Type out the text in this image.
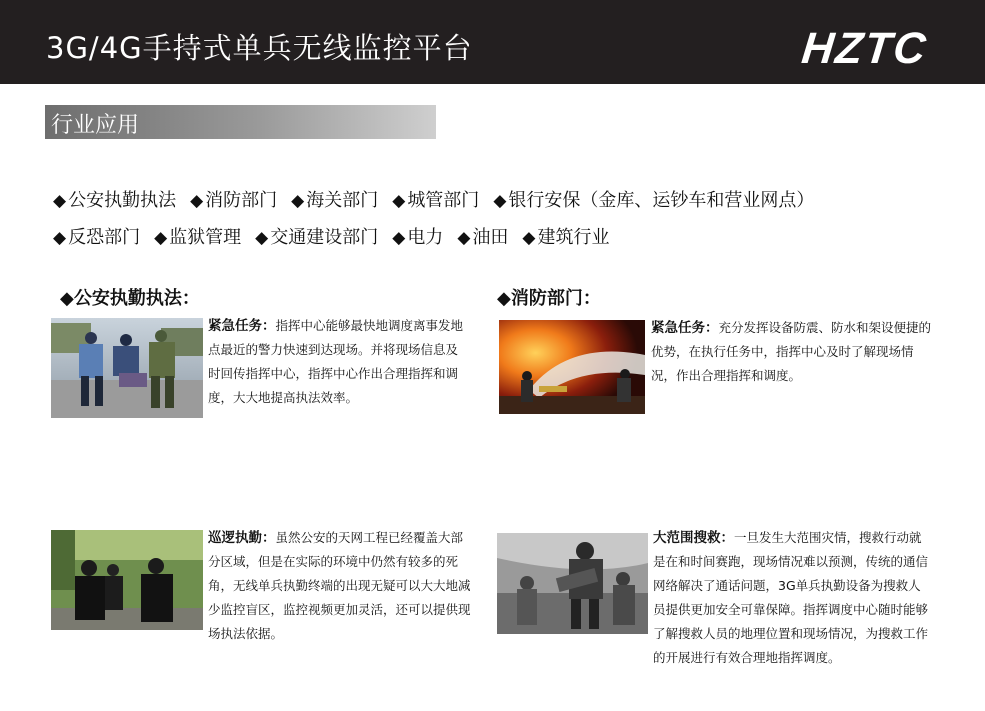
3G/4G手持式单兵无线监控平台	HZTC
行业应用
◆ 公安执勤执法 ◆ 消防部门 ◆ 海关部门 ◆ 城管部门 ◆ 银行安保（金库、运钞车和营业网点）
◆ 反恐部门 ◆ 监狱管理 ◆ 交通建设部门 ◆ 电力 ◆ 油田 ◆ 建筑行业
◆公安执勤执法：	◆消防部门：
紧急任务：指挥中心能够最快地调度离事发地点最近的警力快速到达现场。并将现场信息及时回传指挥中心，指挥中心作出合理指挥和调度，大大地提高执法效率。
紧急任务：充分发挥设备防震、防水和架设便捷的优势，在执行任务中，指挥中心及时了解现场情况，作出合理指挥和调度。
巡逻执勤：虽然公安的天网工程已经覆盖大部分区域，但是在实际的环境中仍然有较多的死角，无线单兵执勤终端的出现无疑可以大大地减少监控盲区，监控视频更加灵活，还可以提供现场执法依据。
大范围搜救：一旦发生大范围灾情，搜救行动就是在和时间赛跑，现场情况难以预测，传统的通信网络解决了通话问题，3G单兵执勤设备为搜救人员提供更加安全可靠保障。指挥调度中心随时能够了解搜救人员的地理位置和现场情况，为搜救工作的开展进行有效合理地指挥调度。
